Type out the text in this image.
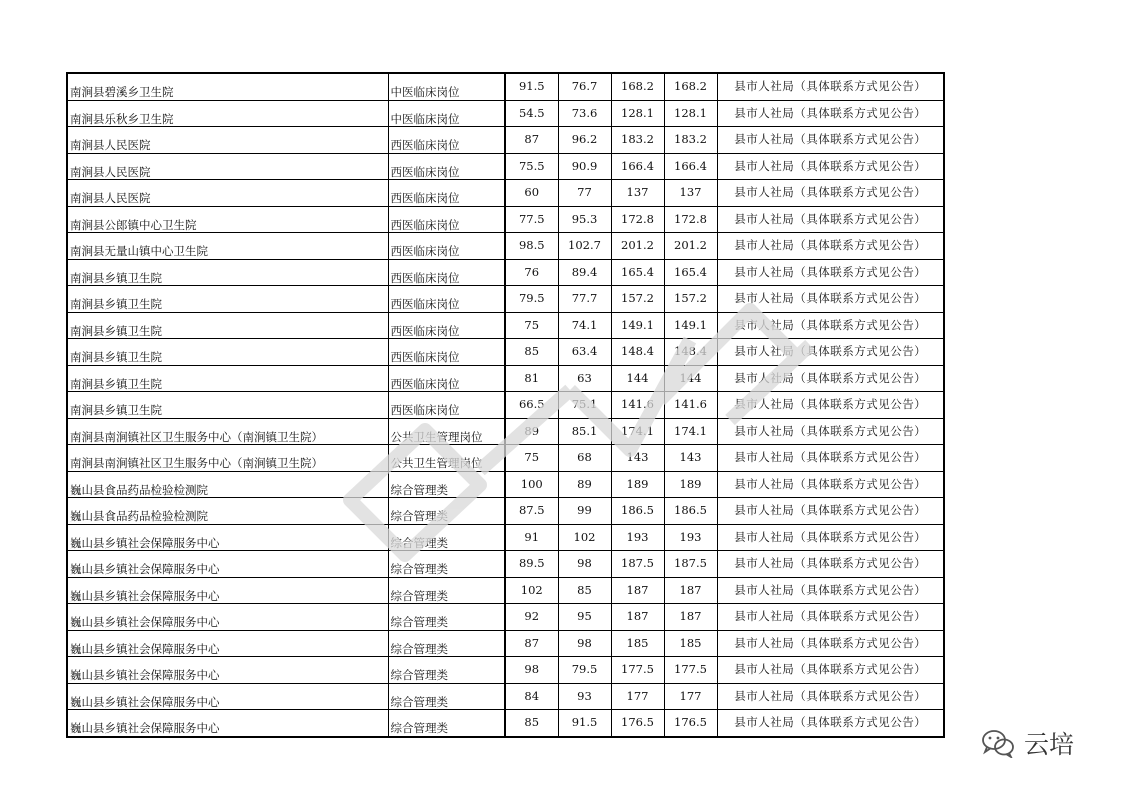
南涧县碧溪乡卫生院	中医临床岗位	91.5	76.7	168.2	168.2	县市人社局（具体联系方式见公告）
南涧县乐秋乡卫生院	中医临床岗位	54.5	73.6	128.1	128.1	县市人社局（具体联系方式见公告）
南涧县人民医院	西医临床岗位	87	96.2	183.2	183.2	县市人社局（具体联系方式见公告）
南涧县人民医院	西医临床岗位	75.5	90.9	166.4	166.4	县市人社局（具体联系方式见公告）
南涧县人民医院	西医临床岗位	60	77	137	137	县市人社局（具体联系方式见公告）
南涧县公郎镇中心卫生院	西医临床岗位	77.5	95.3	172.8	172.8	县市人社局（具体联系方式见公告）
南涧县无量山镇中心卫生院	西医临床岗位	98.5	102.7	201.2	201.2	县市人社局（具体联系方式见公告）
南涧县乡镇卫生院	西医临床岗位	76	89.4	165.4	165.4	县市人社局（具体联系方式见公告）
南涧县乡镇卫生院	西医临床岗位	79.5	77.7	157.2	157.2	县市人社局（具体联系方式见公告）
南涧县乡镇卫生院	西医临床岗位	75	74.1	149.1	149.1	县市人社局（具体联系方式见公告）
南涧县乡镇卫生院	西医临床岗位	85	63.4	148.4	148.4	县市人社局（具体联系方式见公告）
南涧县乡镇卫生院	西医临床岗位	81	63	144	144	县市人社局（具体联系方式见公告）
南涧县乡镇卫生院	西医临床岗位	66.5	75.1	141.6	141.6	县市人社局（具体联系方式见公告）
南涧县南涧镇社区卫生服务中心（南涧镇卫生院）	公共卫生管理岗位	89	85.1	174.1	174.1	县市人社局（具体联系方式见公告）
南涧县南涧镇社区卫生服务中心（南涧镇卫生院）	公共卫生管理岗位	75	68	143	143	县市人社局（具体联系方式见公告）
巍山县食品药品检验检测院	综合管理类	100	89	189	189	县市人社局（具体联系方式见公告）
巍山县食品药品检验检测院	综合管理类	87.5	99	186.5	186.5	县市人社局（具体联系方式见公告）
巍山县乡镇社会保障服务中心	综合管理类	91	102	193	193	县市人社局（具体联系方式见公告）
巍山县乡镇社会保障服务中心	综合管理类	89.5	98	187.5	187.5	县市人社局（具体联系方式见公告）
巍山县乡镇社会保障服务中心	综合管理类	102	85	187	187	县市人社局（具体联系方式见公告）
巍山县乡镇社会保障服务中心	综合管理类	92	95	187	187	县市人社局（具体联系方式见公告）
巍山县乡镇社会保障服务中心	综合管理类	87	98	185	185	县市人社局（具体联系方式见公告）
巍山县乡镇社会保障服务中心	综合管理类	98	79.5	177.5	177.5	县市人社局（具体联系方式见公告）
巍山县乡镇社会保障服务中心	综合管理类	84	93	177	177	县市人社局（具体联系方式见公告）
巍山县乡镇社会保障服务中心	综合管理类	85	91.5	176.5	176.5	县市人社局（具体联系方式见公告）
云培
